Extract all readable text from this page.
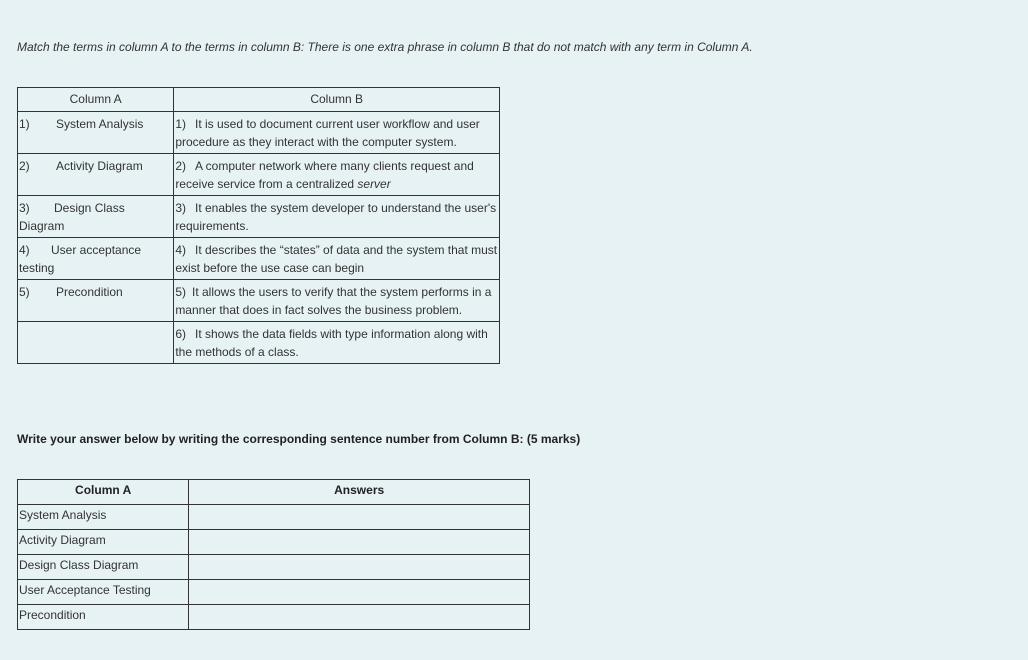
Match the terms in column A to the terms in column B: There is one extra phrase in column B that do not match with any term in Column A.
Column A	Column B
1) System Analysis	1) It is used to document current user workflow and user procedure as they interact with the computer system.
2) Activity Diagram	2) A computer network where many clients request and receive service from a centralized server
3) Design Class Diagram	3) It enables the system developer to understand the user's requirements.
4) User acceptance testing	4) It describes the “states” of data and the system that must exist before the use case can begin
5) Precondition	5) It allows the users to verify that the system performs in a manner that does in fact solves the business problem.
	6) It shows the data fields with type information along with the methods of a class.
Write your answer below by writing the corresponding sentence number from Column B: (5 marks)
Column A	Answers
System Analysis	
Activity Diagram	
Design Class Diagram	
User Acceptance Testing	
Precondition	
